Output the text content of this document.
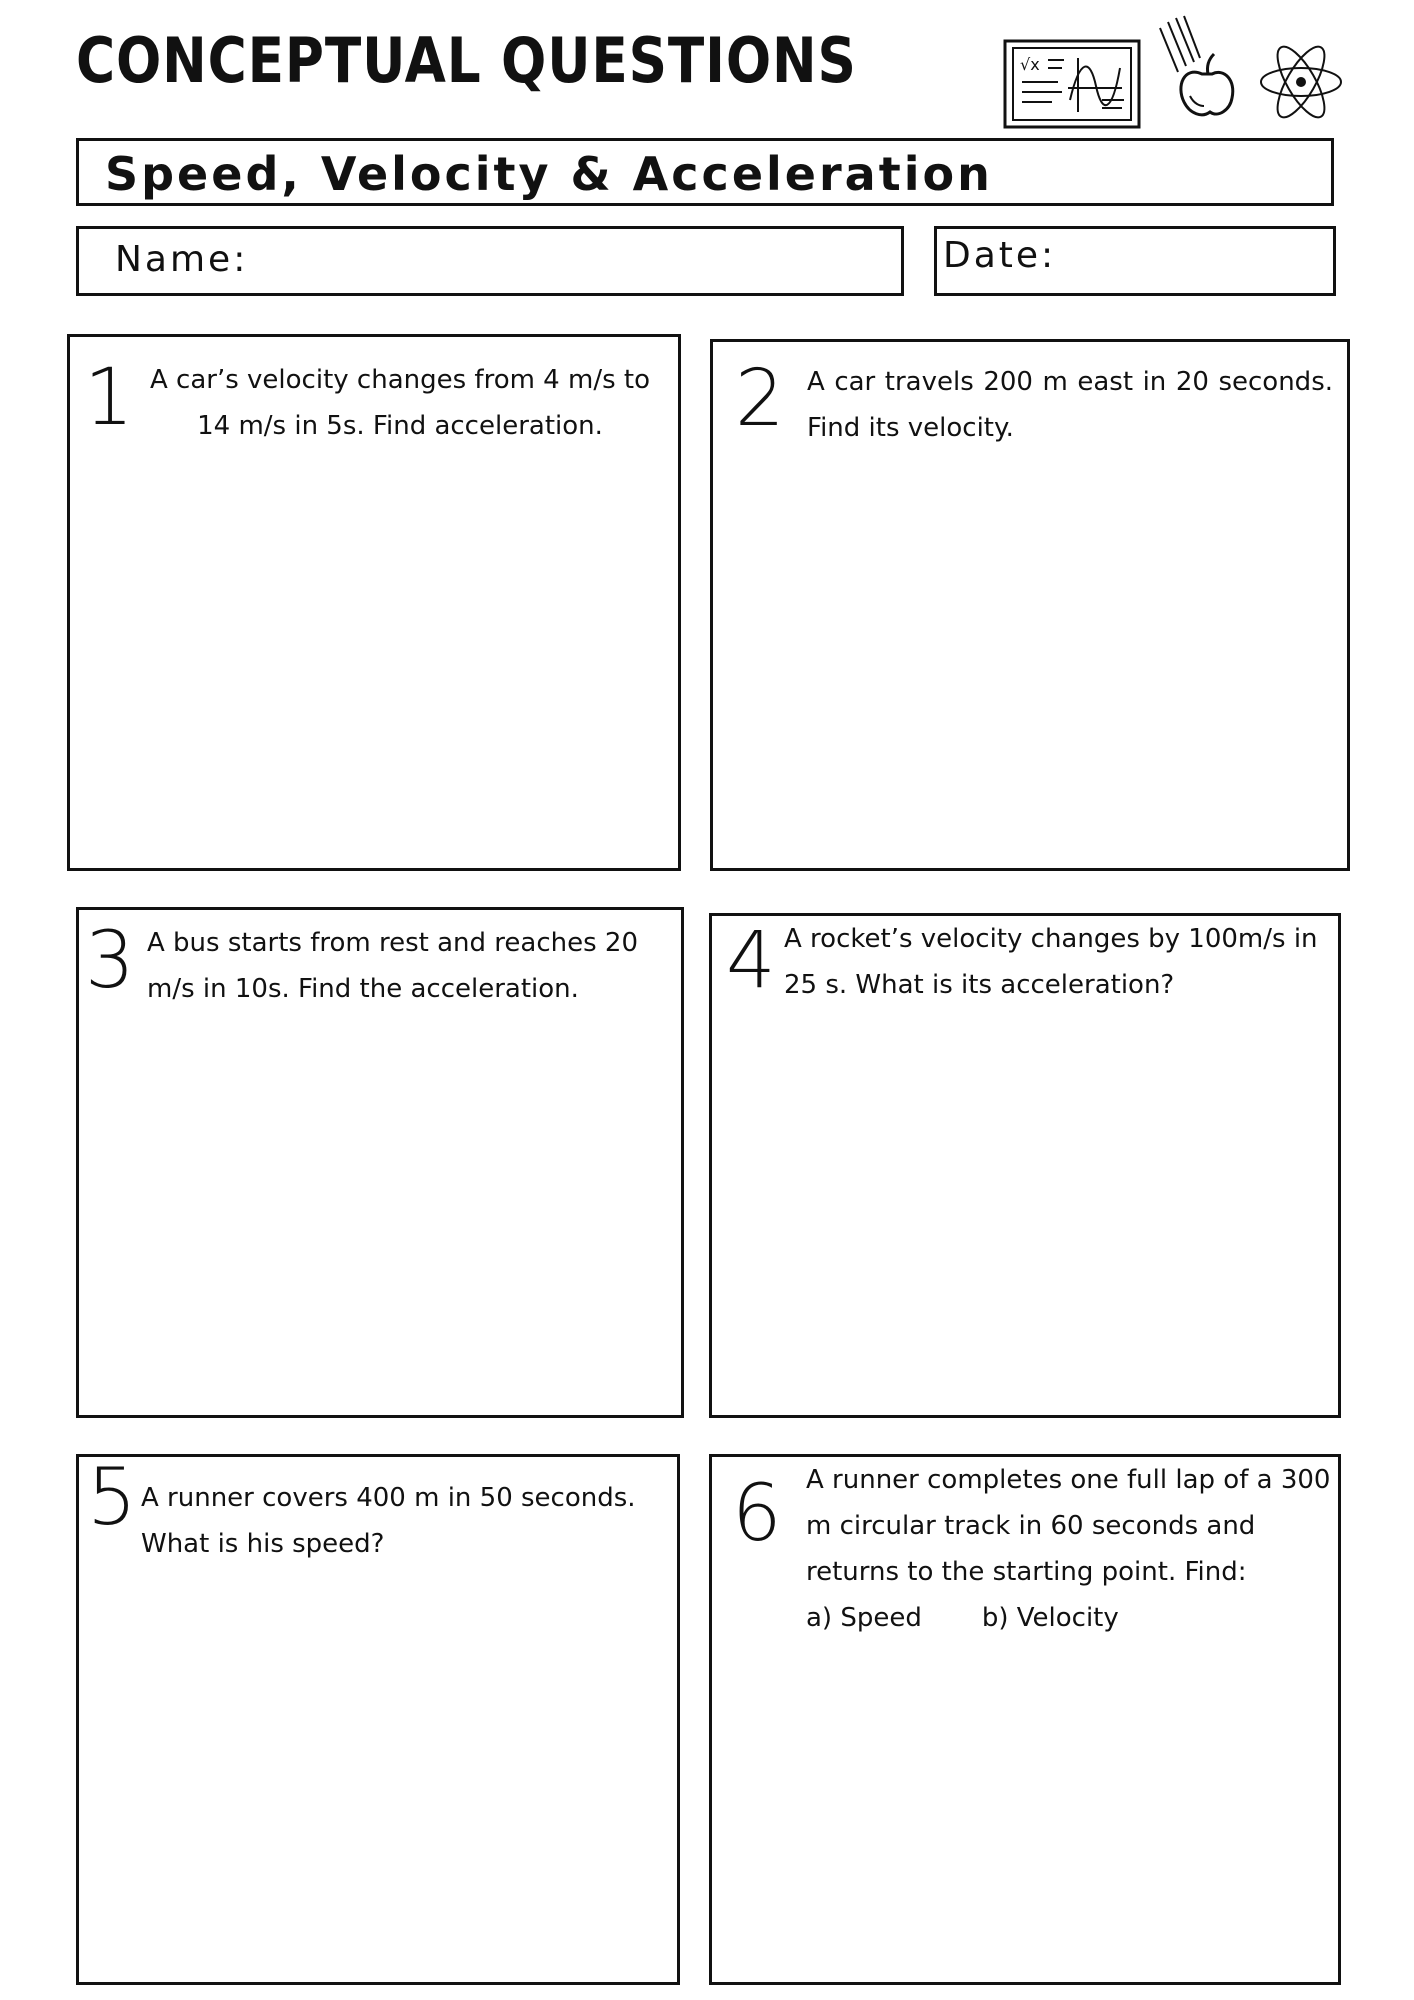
CONCEPTUAL QUESTIONS	√x
Speed, Velocity & Acceleration
Name:	Date:
1 A car’s velocity changes from 4 m/s to 14 m/s in 5s. Find acceleration.	2 A car travels 200 m east in 20 seconds. Find its velocity.
3 A bus starts from rest and reaches 20 m/s in 10s. Find the acceleration.	4 A rocket’s velocity changes by 100m/s in 25 s. What is its acceleration?
5 A runner covers 400 m in 50 seconds. What is his speed?	6 A runner completes one full lap of a 300 m circular track in 60 seconds and returns to the starting point. Find:
a) Speed b) Velocity
